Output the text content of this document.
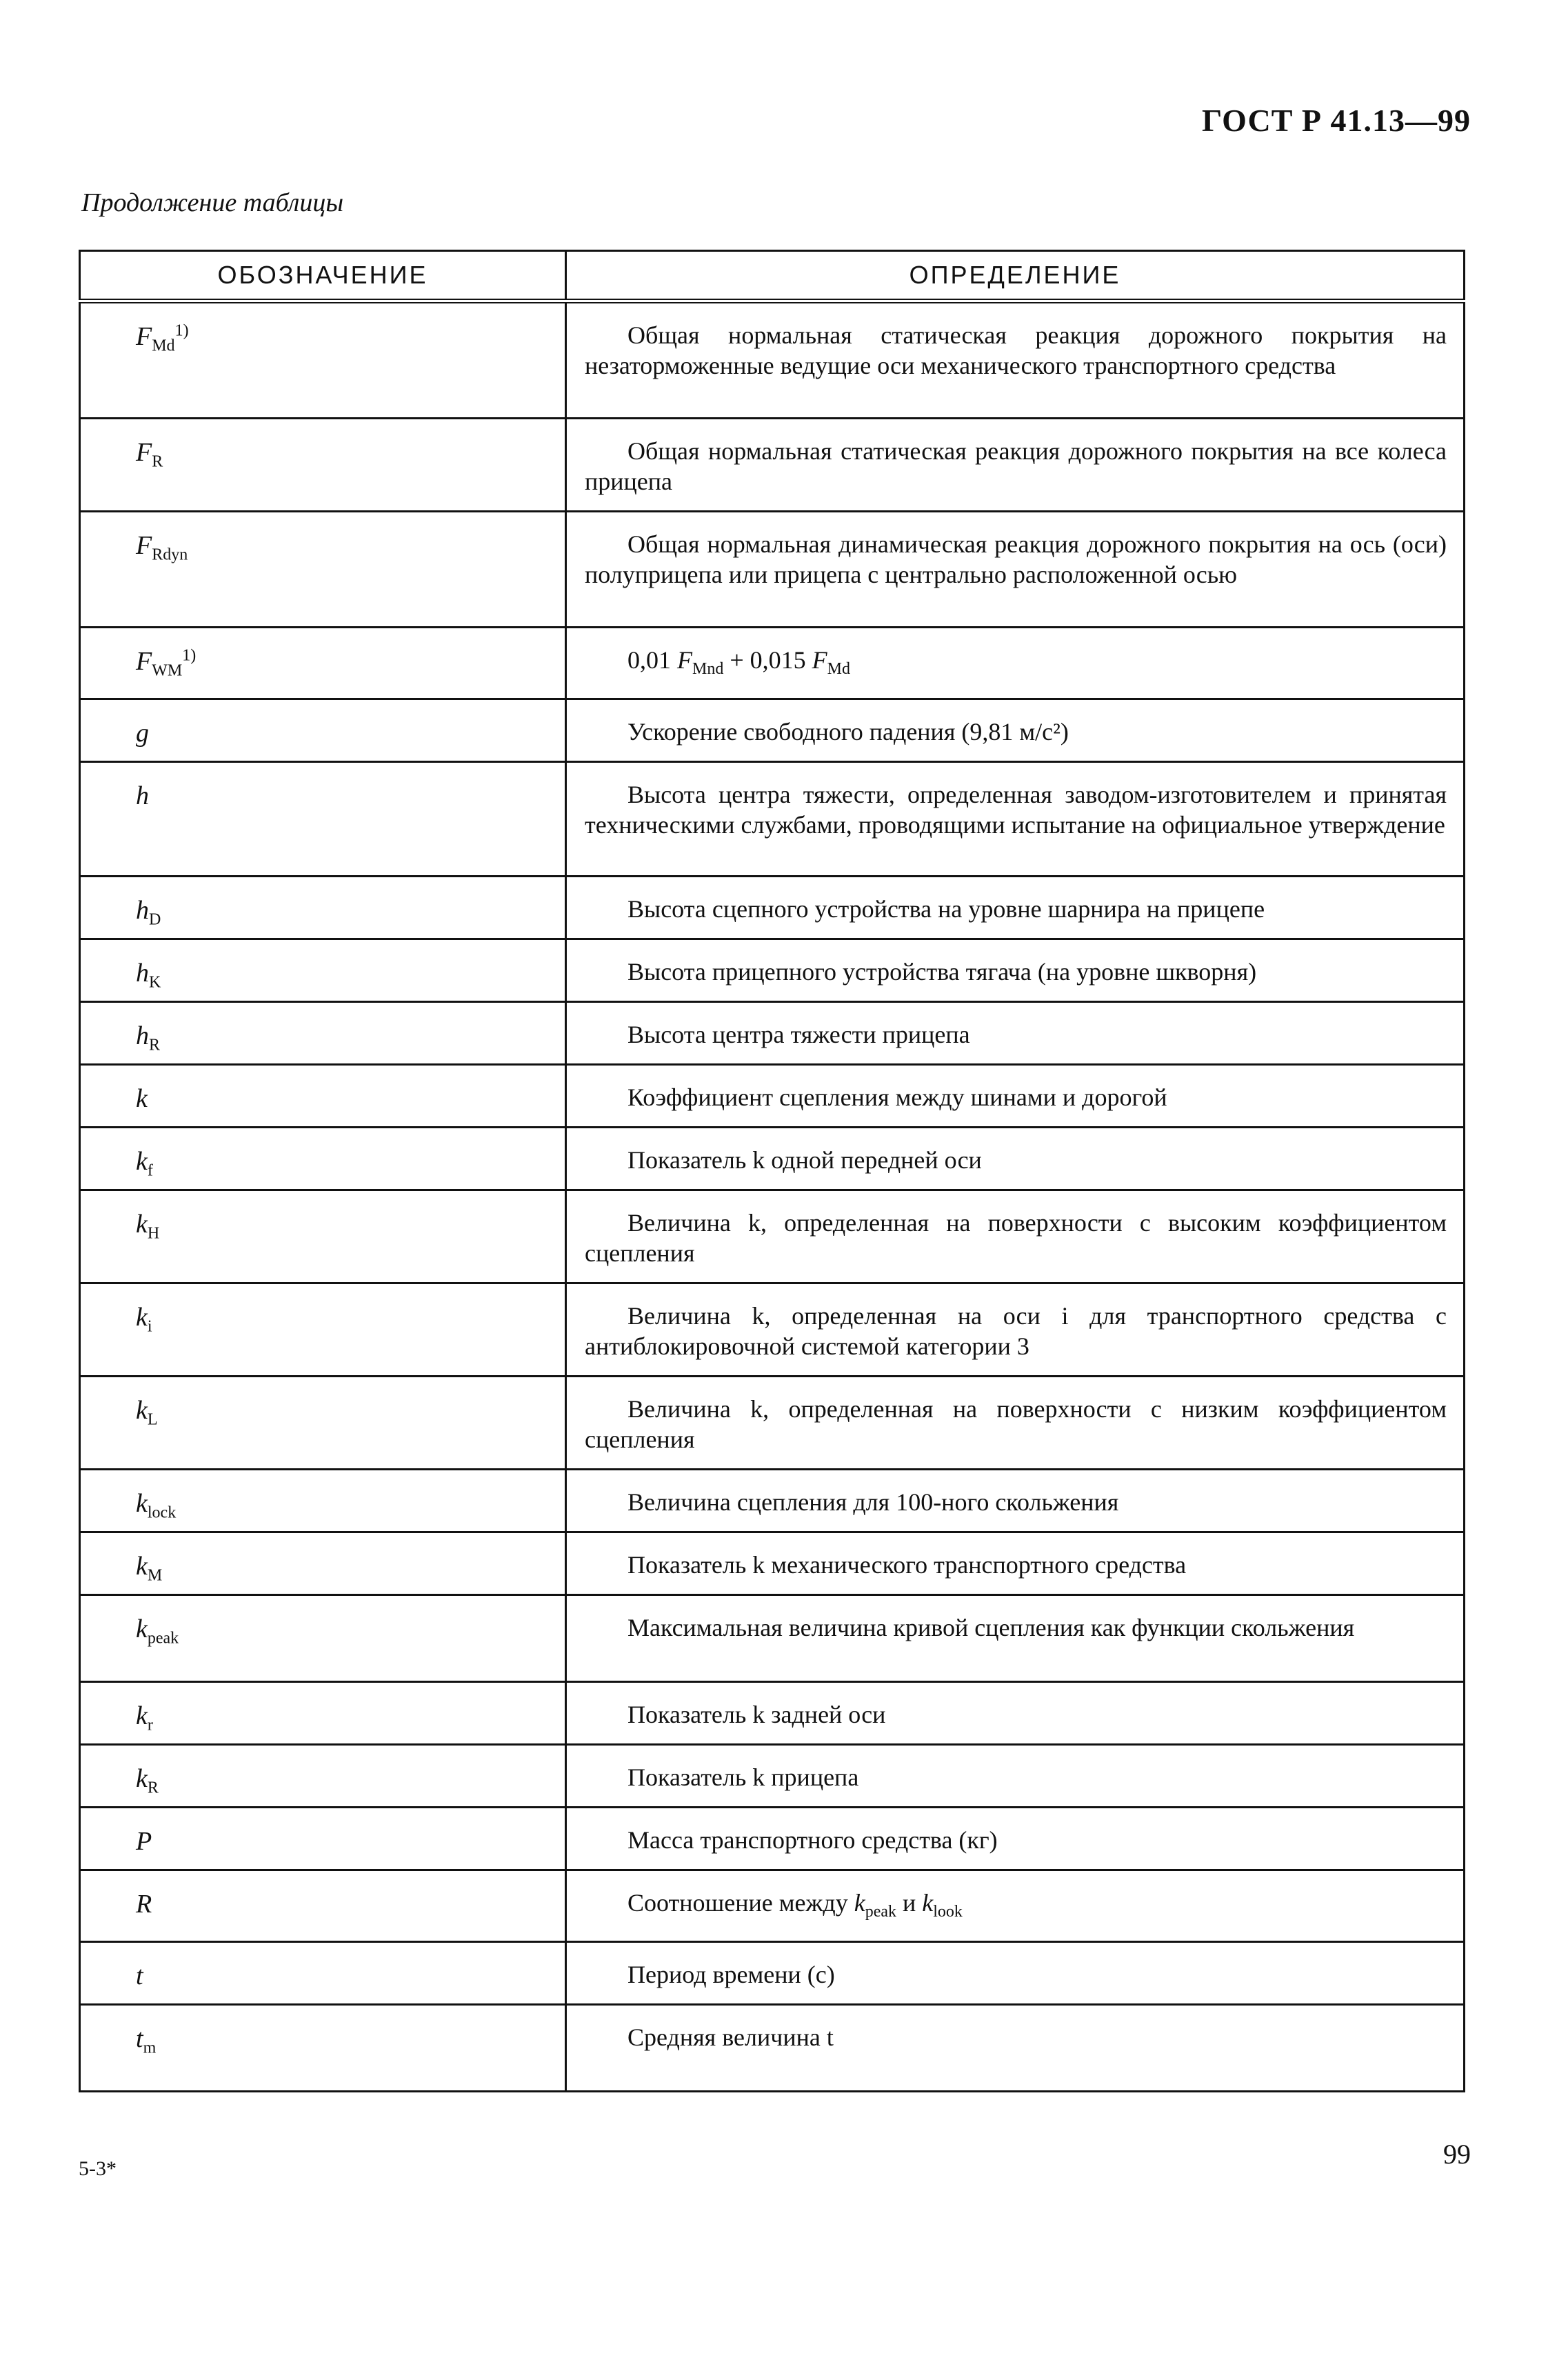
ГОСТ Р 41.13—99
Продолжение таблицы
ОБОЗНАЧЕНИЕ	ОПРЕДЕЛЕНИЕ
$F_{Md}^{1)}$	Общая нормальная статическая реакция дорожного покрытия на незаторможенные ведущие оси механического транспортного средства
$F_R$	Общая нормальная статическая реакция дорожного покрытия на все колеса прицепа
$F_{Rdyn}$	Общая нормальная динамическая реакция дорожного покрытия на ось (оси) полуприцепа или прицепа с центрально расположенной осью
$F_{WM}^{1)}$	0,01 $F_{Mnd} + 0,015$ $F_{Md}$
g	Ускорение свободного падения (9,81 м/с²)
h	Высота центра тяжести, определенная заводом-изготовителем и принятая техническими службами, проводящими испытание на официальное утверждение
$h_D$	Высота сцепного устройства на уровне шарнира на прицепе
$h_K$	Высота прицепного устройства тягача (на уровне шкворня)
$h_R$	Высота центра тяжести прицепа
k	Коэффициент сцепления между шинами и дорогой
$k_f$	Показатель k одной передней оси
$k_H$	Величина k, определенная на поверхности с высоким коэффициентом сцепления
$k_i$	Величина k, определенная на оси i для транспортного средства с антиблокировочной системой категории 3
$k_L$	Величина k, определенная на поверхности с низким коэффициентом сцепления
$k_{lock}$	Величина сцепления для 100-ного скольжения
$k_M$	Показатель k механического транспортного средства
$k_{peak}$	Максимальная величина кривой сцепления как функции скольжения
$k_r$	Показатель k задней оси
$k_R$	Показатель k прицепа
P	Масса транспортного средства (кг)
R	Соотношение между $k_{peak}$ и $k_{look}$
t	Период времени (с)
$t_m$	Средняя величина t
5-3*	99
